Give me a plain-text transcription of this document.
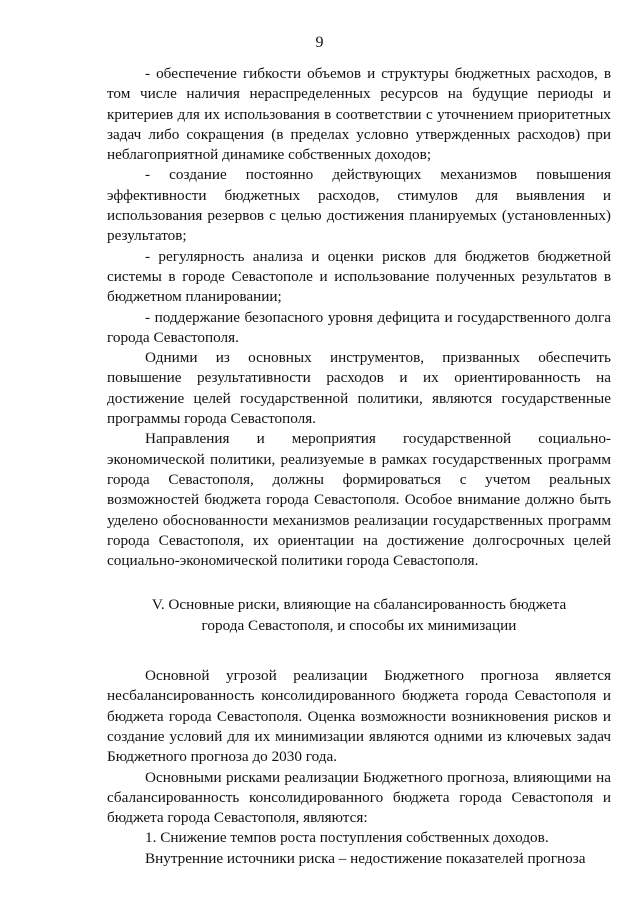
9

- обеспечение гибкости объемов и структуры бюджетных расходов, в том числе наличия нераспределенных ресурсов на будущие периоды и критериев для их использования в соответствии с уточнением приоритетных задач либо сокращения (в пределах условно утвержденных расходов) при неблагоприятной динамике собственных доходов;

- создание постоянно действующих механизмов повышения эффективности бюджетных расходов, стимулов для выявления и использования резервов с целью достижения планируемых (установленных) результатов;

- регулярность анализа и оценки рисков для бюджетов бюджетной системы в городе Севастополе и использование полученных результатов в бюджетном планировании;

- поддержание безопасного уровня дефицита и государственного долга города Севастополя.

Одними из основных инструментов, призванных обеспечить повышение результативности расходов и их ориентированность на достижение целей государственной политики, являются государственные программы города Севастополя.

Направления и мероприятия государственной социально-экономической политики, реализуемые в рамках государственных программ города Севастополя, должны формироваться с учетом реальных возможностей бюджета города Севастополя. Особое внимание должно быть уделено обоснованности механизмов реализации государственных программ города Севастополя, их ориентации на достижение долгосрочных целей социально-экономической политики города Севастополя.

V. Основные риски, влияющие на сбалансированность бюджета
города Севастополя, и способы их минимизации

Основной угрозой реализации Бюджетного прогноза является несбалансированность консолидированного бюджета города Севастополя и бюджета города Севастополя. Оценка возможности возникновения рисков и создание условий для их минимизации являются одними из ключевых задач Бюджетного прогноза до 2030 года.

Основными рисками реализации Бюджетного прогноза, влияющими на сбалансированность консолидированного бюджета города Севастополя и бюджета города Севастополя, являются:

1. Снижение темпов роста поступления собственных доходов.

Внутренние источники риска – недостижение показателей прогноза
